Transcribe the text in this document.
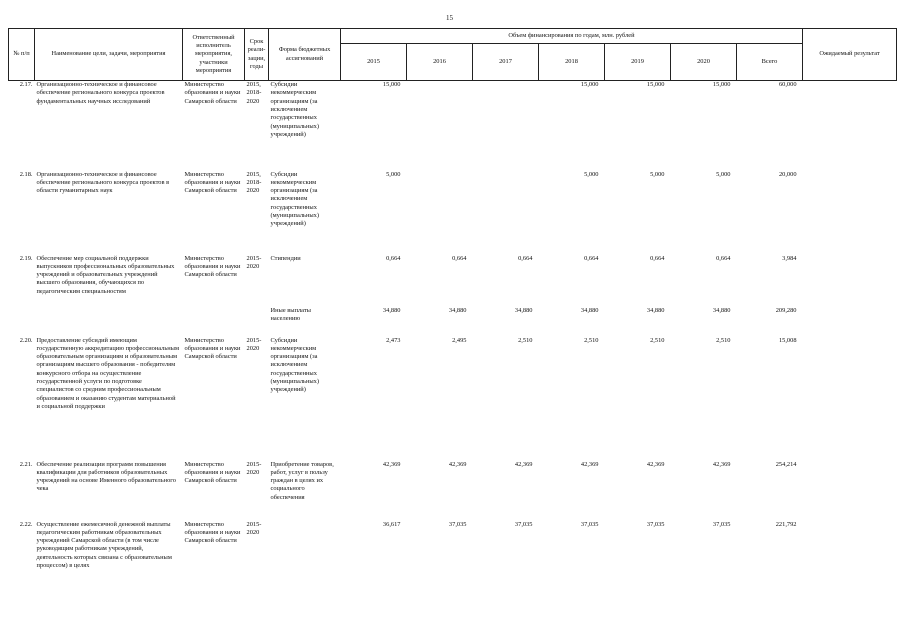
15
№ п/п	Наименование цели, задачи, мероприятия	Ответственный исполнитель мероприятия, участники мероприятия	Срок реали-зации, годы	Форма бюджетных ассигнований	Объем финансирования по годам, млн. рублей							Ожидаемый результат
					2015	2016	2017	2018	2019	2020	Всего	
2.17.	Организационно-техническое и финансовое обеспечение регионального конкурса проектов фундаментальных научных исследований	Министерство образования и науки Самарской области	2015, 2018-2020	Субсидии некоммерческим организациям (за исключением государственных (муниципальных) учреждений)	15,000			15,000	15,000	15,000	60,000	
2.18.	Организационно-техническое и финансовое обеспечение регионального конкурса проектов в области гуманитарных наук	Министерство образования и науки Самарской области	2015, 2018-2020	Субсидии некоммерческим организациям (за исключением государственных (муниципальных) учреждений)	5,000			5,000	5,000	5,000	20,000	
2.19.	Обеспечение мер социальной поддержки выпускников профессиональных образовательных учреждений и образовательных учреждений высшего образования, обучающихся по педагогическим специальностям	Министерство образования и науки Самарской области	2015-2020	Стипендии	0,664	0,664	0,664	0,664	0,664	0,664	3,984	
				Иные выплаты населению	34,880	34,880	34,880	34,880	34,880	34,880	209,280	
2.20.	Предоставление субсидий имеющим государственную аккредитацию профессиональным образовательным организациям и образовательным организациям высшего образования - победителям конкурсного отбора на осуществление государственной услуги по подготовке специалистов со средним профессиональным образованием и оказанию студентам материальной и социальной поддержки	Министерство образования и науки Самарской области	2015-2020	Субсидии некоммерческим организациям (за исключением государственных (муниципальных) учреждений)	2,473	2,495	2,510	2,510	2,510	2,510	15,008	
2.21.	Обеспечение реализации программ повышения квалификации для работников образовательных учреждений на основе Именного образовательного чека	Министерство образования и науки Самарской области	2015-2020	Приобретение товаров, работ, услуг в пользу граждан в целях их социального обеспечения	42,369	42,369	42,369	42,369	42,369	42,369	254,214	
2.22.	Осуществление ежемесячной денежной выплаты педагогическим работникам образовательных учреждений Самарской области (в том числе руководящим работникам учреждений, деятельность которых связана с образовательным процессом) в целях	Министерство образования и науки Самарской области	2015-2020		36,617	37,035	37,035	37,035	37,035	37,035	221,792	
